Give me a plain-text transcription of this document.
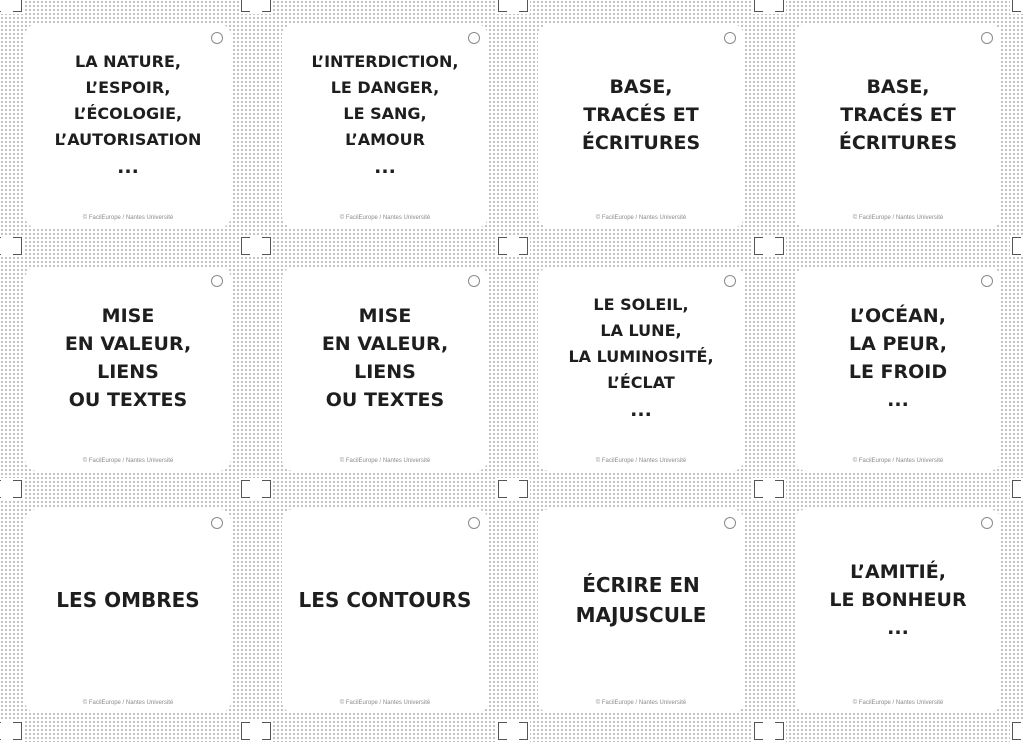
LA NATURE,
L’ESPOIR,
L’ÉCOLOGIE,
L’AUTORISATION
...
© FacilEurope / Nantes Université
L’INTERDICTION,
LE DANGER,
LE SANG,
L’AMOUR
...
© FacilEurope / Nantes Université
BASE,
TRACÉS ET
ÉCRITURES
© FacilEurope / Nantes Université
BASE,
TRACÉS ET
ÉCRITURES
© FacilEurope / Nantes Université
MISE
EN VALEUR,
LIENS
OU TEXTES
© FacilEurope / Nantes Université
MISE
EN VALEUR,
LIENS
OU TEXTES
© FacilEurope / Nantes Université
LE SOLEIL,
LA LUNE,
LA LUMINOSITÉ,
L’ÉCLAT
...
© FacilEurope / Nantes Université
L’OCÉAN,
LA PEUR,
LE FROID
...
© FacilEurope / Nantes Université
LES OMBRES
© FacilEurope / Nantes Université
LES CONTOURS
© FacilEurope / Nantes Université
ÉCRIRE EN
MAJUSCULE
© FacilEurope / Nantes Université
L’AMITIÉ,
LE BONHEUR
...
© FacilEurope / Nantes Université
